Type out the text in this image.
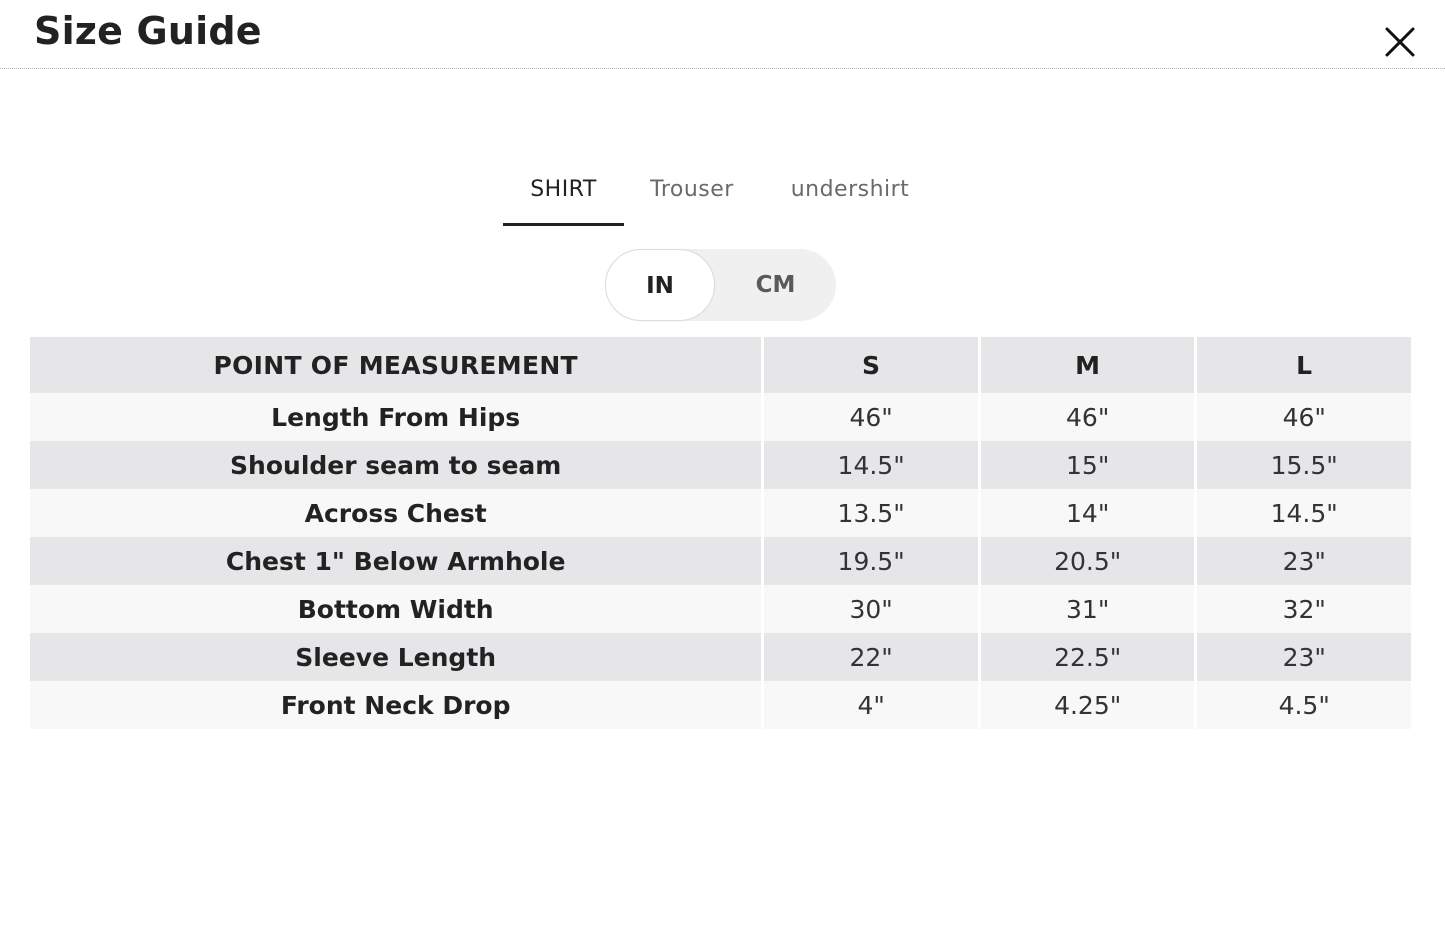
Size Guide
SHIRT	Trouser	undershirt
IN	CM
POINT OF MEASUREMENT	S	M	L
Length From Hips	46"	46"	46"
Shoulder seam to seam	14.5"	15"	15.5"
Across Chest	13.5"	14"	14.5"
Chest 1" Below Armhole	19.5"	20.5"	23"
Bottom Width	30"	31"	32"
Sleeve Length	22"	22.5"	23"
Front Neck Drop	4"	4.25"	4.5"
